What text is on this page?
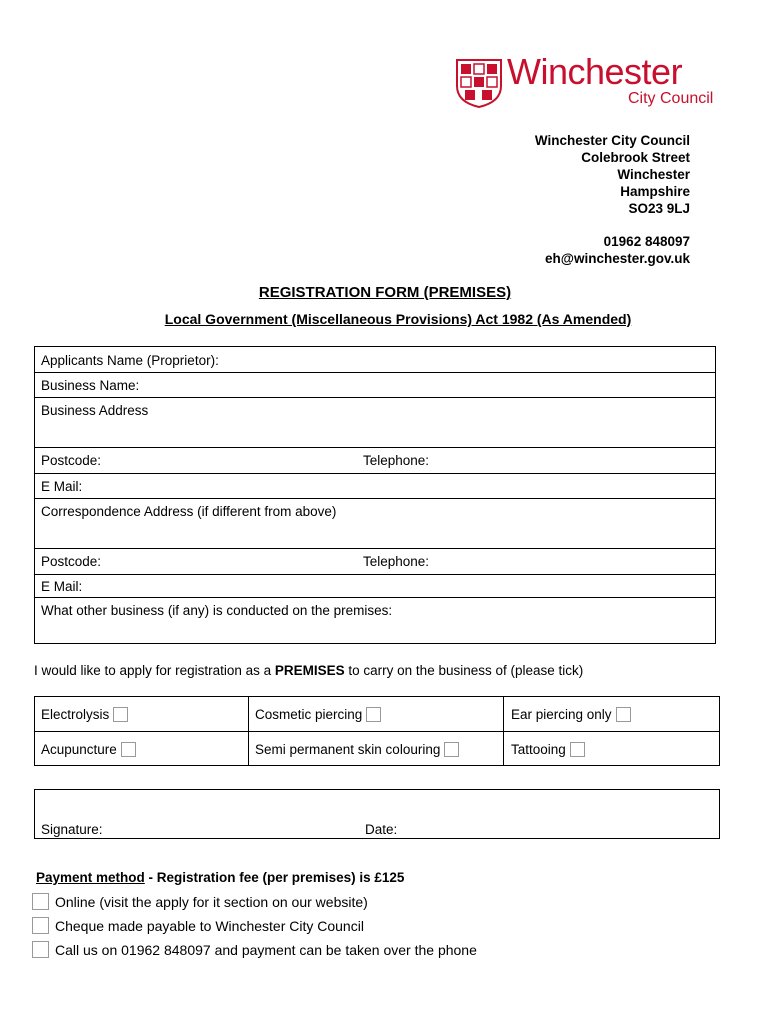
Winchester
City Council
Winchester City Council
Colebrook Street
Winchester
Hampshire
SO23 9LJ
01962 848097
eh@winchester.gov.uk
REGISTRATION FORM (PREMISES)
Local Government (Miscellaneous Provisions) Act 1982 (As Amended)
Applicants Name (Proprietor):
Business Name:
Business Address
Postcode:	Telephone:
E Mail:
Correspondence Address (if different from above)
Postcode:	Telephone:
E Mail:
What other business (if any) is conducted on the premises:
I would like to apply for registration as a PREMISES to carry on the business of (please tick)
Electrolysis	Cosmetic piercing	Ear piercing only
Acupuncture	Semi permanent skin colouring	Tattooing
Signature:	Date:
Payment method - Registration fee (per premises) is £125
Online (visit the apply for it section on our website)
Cheque made payable to Winchester City Council
Call us on 01962 848097 and payment can be taken over the phone
